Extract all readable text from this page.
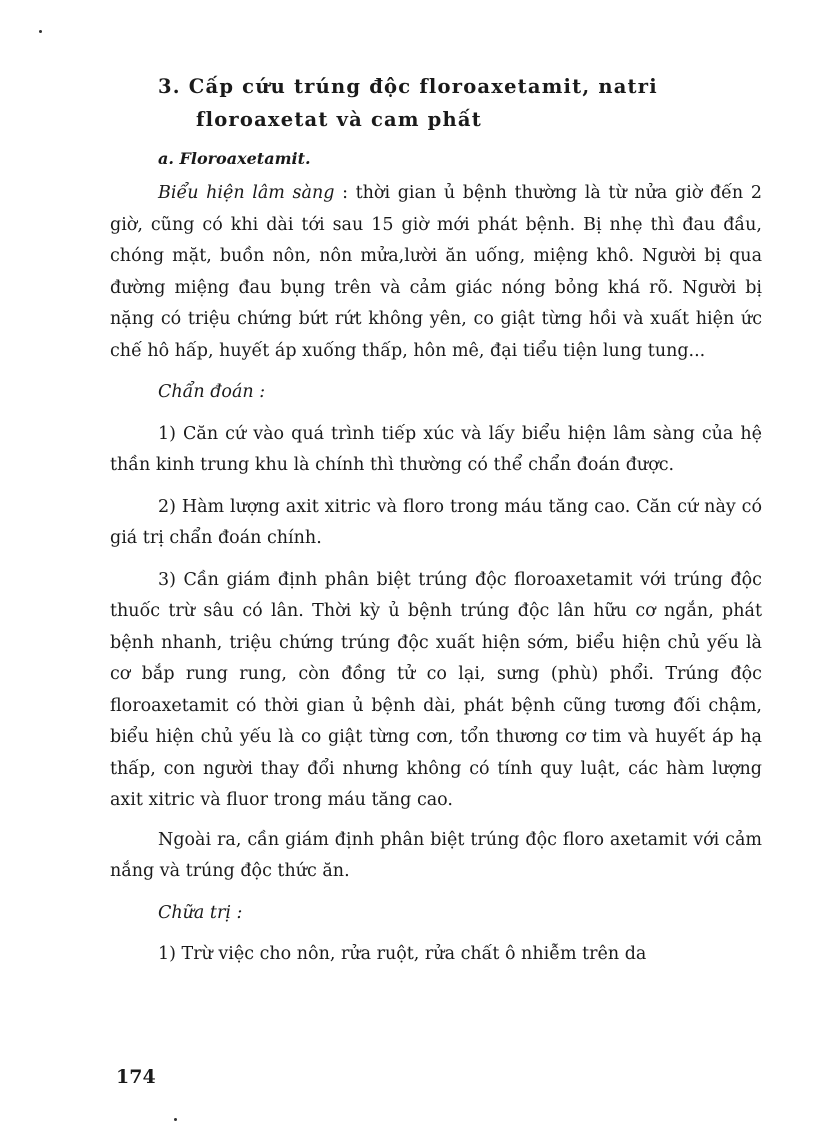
3. Cấp cứu trúng độc floroaxetamit, natri floroaxetat và cam phất
a. Floroaxetamit.

Biểu hiện lâm sàng : thời gian ủ bệnh thường là từ nửa giờ đến 2 giờ, cũng có khi dài tới sau 15 giờ mới phát bệnh. Bị nhẹ thì đau đầu, chóng mặt, buồn nôn, nôn mửa,lười ăn uống, miệng khô. Người bị qua đường miệng đau bụng trên và cảm giác nóng bỏng khá rõ. Người bị nặng có triệu chứng bứt rứt không yên, co giật từng hồi và xuất hiện ức chế hô hấp, huyết áp xuống thấp, hôn mê, đại tiểu tiện lung tung...

Chẩn đoán :

1) Căn cứ vào quá trình tiếp xúc và lấy biểu hiện lâm sàng của hệ thần kinh trung khu là chính thì thường có thể chẩn đoán được.

2) Hàm lượng axit xitric và floro trong máu tăng cao. Căn cứ này có giá trị chẩn đoán chính.

3) Cần giám định phân biệt trúng độc floroaxetamit với trúng độc thuốc trừ sâu có lân. Thời kỳ ủ bệnh trúng độc lân hữu cơ ngắn, phát bệnh nhanh, triệu chứng trúng độc xuất hiện sớm, biểu hiện chủ yếu là cơ bắp rung rung, còn đồng tử co lại, sưng (phù) phổi. Trúng độc floroaxetamit có thời gian ủ bệnh dài, phát bệnh cũng tương đối chậm, biểu hiện chủ yếu là co giật từng cơn, tổn thương cơ tim và huyết áp hạ thấp, con người thay đổi nhưng không có tính quy luật, các hàm lượng axit xitric và fluor trong máu tăng cao.

Ngoài ra, cần giám định phân biệt trúng độc floro axetamit với cảm nắng và trúng độc thức ăn.

Chữa trị :

1) Trừ việc cho nôn, rửa ruột, rửa chất ô nhiễm trên da

174
